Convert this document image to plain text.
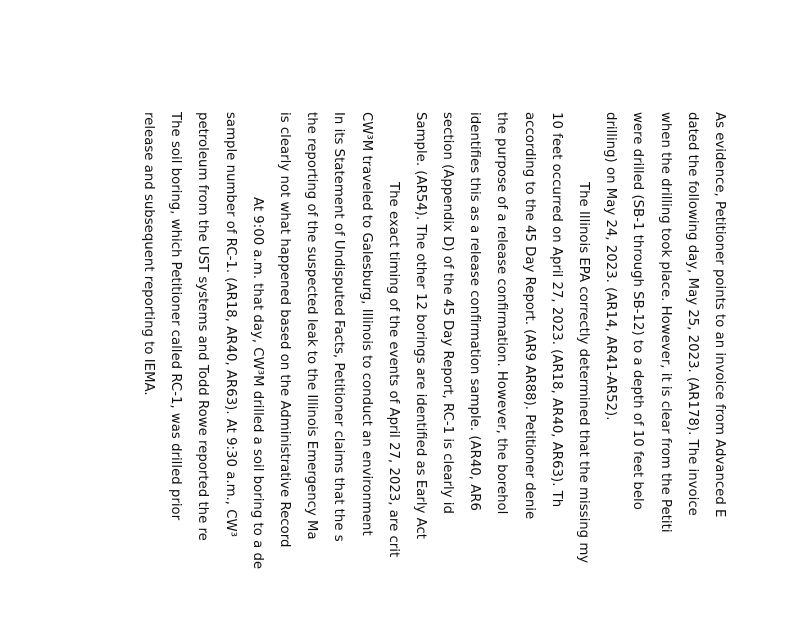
As evidence, Petitioner points to an invoice from Advanced E
dated the following day, May 25, 2023. (AR178). The invoice
when the drilling took place. However, it is clear from the Petiti
were drilled (SB-1 through SB-12) to a depth of 10 feet belo
drilling) on May 24, 2023. (AR14, AR41-AR52).
The Illinois EPA correctly determined that the missing my
10 feet occurred on April 27, 2023. (AR18, AR40, AR63). Th
according to the 45 Day Report. (AR9 AR88). Petitioner denie
the purpose of a release confirmation. However, the borehol
identifies this as a release confirmation sample. (AR40, AR6
section (Appendix D) of the 45 Day Report, RC-1 is clearly id
Sample. (AR54). The other 12 borings are identified as Early Act
The exact timing of the events of April 27, 2023, are crit
CW³M traveled to Galesburg, Illinois to conduct an environment
In its Statement of Undisputed Facts, Petitioner claims that the s
the reporting of the suspected leak to the Illinois Emergency Ma
is clearly not what happened based on the Administrative Record
At 9:00 a.m. that day, CW³M drilled a soil boring to a de
sample number of RC-1. (AR18, AR40, AR63). At 9:30 a.m., CW³
petroleum from the UST systems and Todd Rowe reported the re
The soil boring, which Petitioner called RC-1, was drilled prior
release and subsequent reporting to IEMA.
